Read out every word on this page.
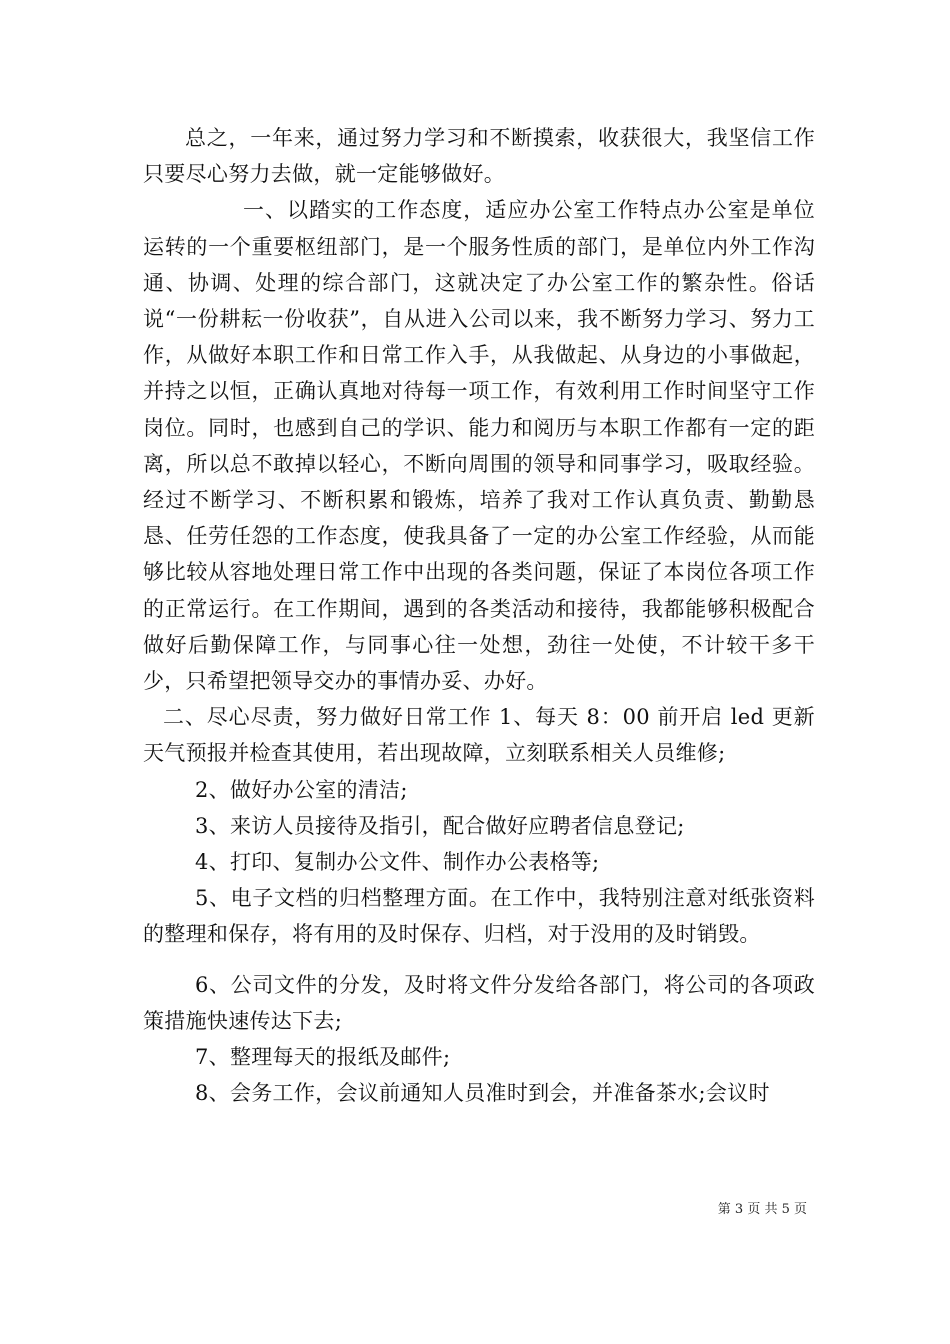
总之，一年来，通过努力学习和不断摸索，收获很大，我坚信工作只要尽心努力去做，就一定能够做好。

一、以踏实的工作态度，适应办公室工作特点办公室是单位运转的一个重要枢纽部门，是一个服务性质的部门，是单位内外工作沟通、协调、处理的综合部门，这就决定了办公室工作的繁杂性。俗话说“一份耕耘一份收获”，自从进入公司以来，我不断努力学习、努力工作，从做好本职工作和日常工作入手，从我做起、从身边的小事做起，并持之以恒，正确认真地对待每一项工作，有效利用工作时间坚守工作岗位。同时，也感到自己的学识、能力和阅历与本职工作都有一定的距离，所以总不敢掉以轻心，不断向周围的领导和同事学习，吸取经验。经过不断学习、不断积累和锻炼，培养了我对工作认真负责、勤勤恳恳、任劳任怨的工作态度，使我具备了一定的办公室工作经验，从而能够比较从容地处理日常工作中出现的各类问题，保证了本岗位各项工作的正常运行。在工作期间，遇到的各类活动和接待，我都能够积极配合做好后勤保障工作，与同事心往一处想，劲往一处使，不计较干多干少，只希望把领导交办的事情办妥、办好。

二、尽心尽责，努力做好日常工作 1、每天 8：00 前开启 led 更新天气预报并检查其使用，若出现故障，立刻联系相关人员维修;

2、做好办公室的清洁;

3、来访人员接待及指引，配合做好应聘者信息登记;

4、打印、复制办公文件、制作办公表格等;

5、电子文档的归档整理方面。在工作中，我特别注意对纸张资料的整理和保存，将有用的及时保存、归档，对于没用的及时销毁。

6、公司文件的分发，及时将文件分发给各部门，将公司的各项政策措施快速传达下去;

7、整理每天的报纸及邮件;

8、会务工作，会议前通知人员准时到会，并准备茶水;会议时

第 3 页 共 5 页
